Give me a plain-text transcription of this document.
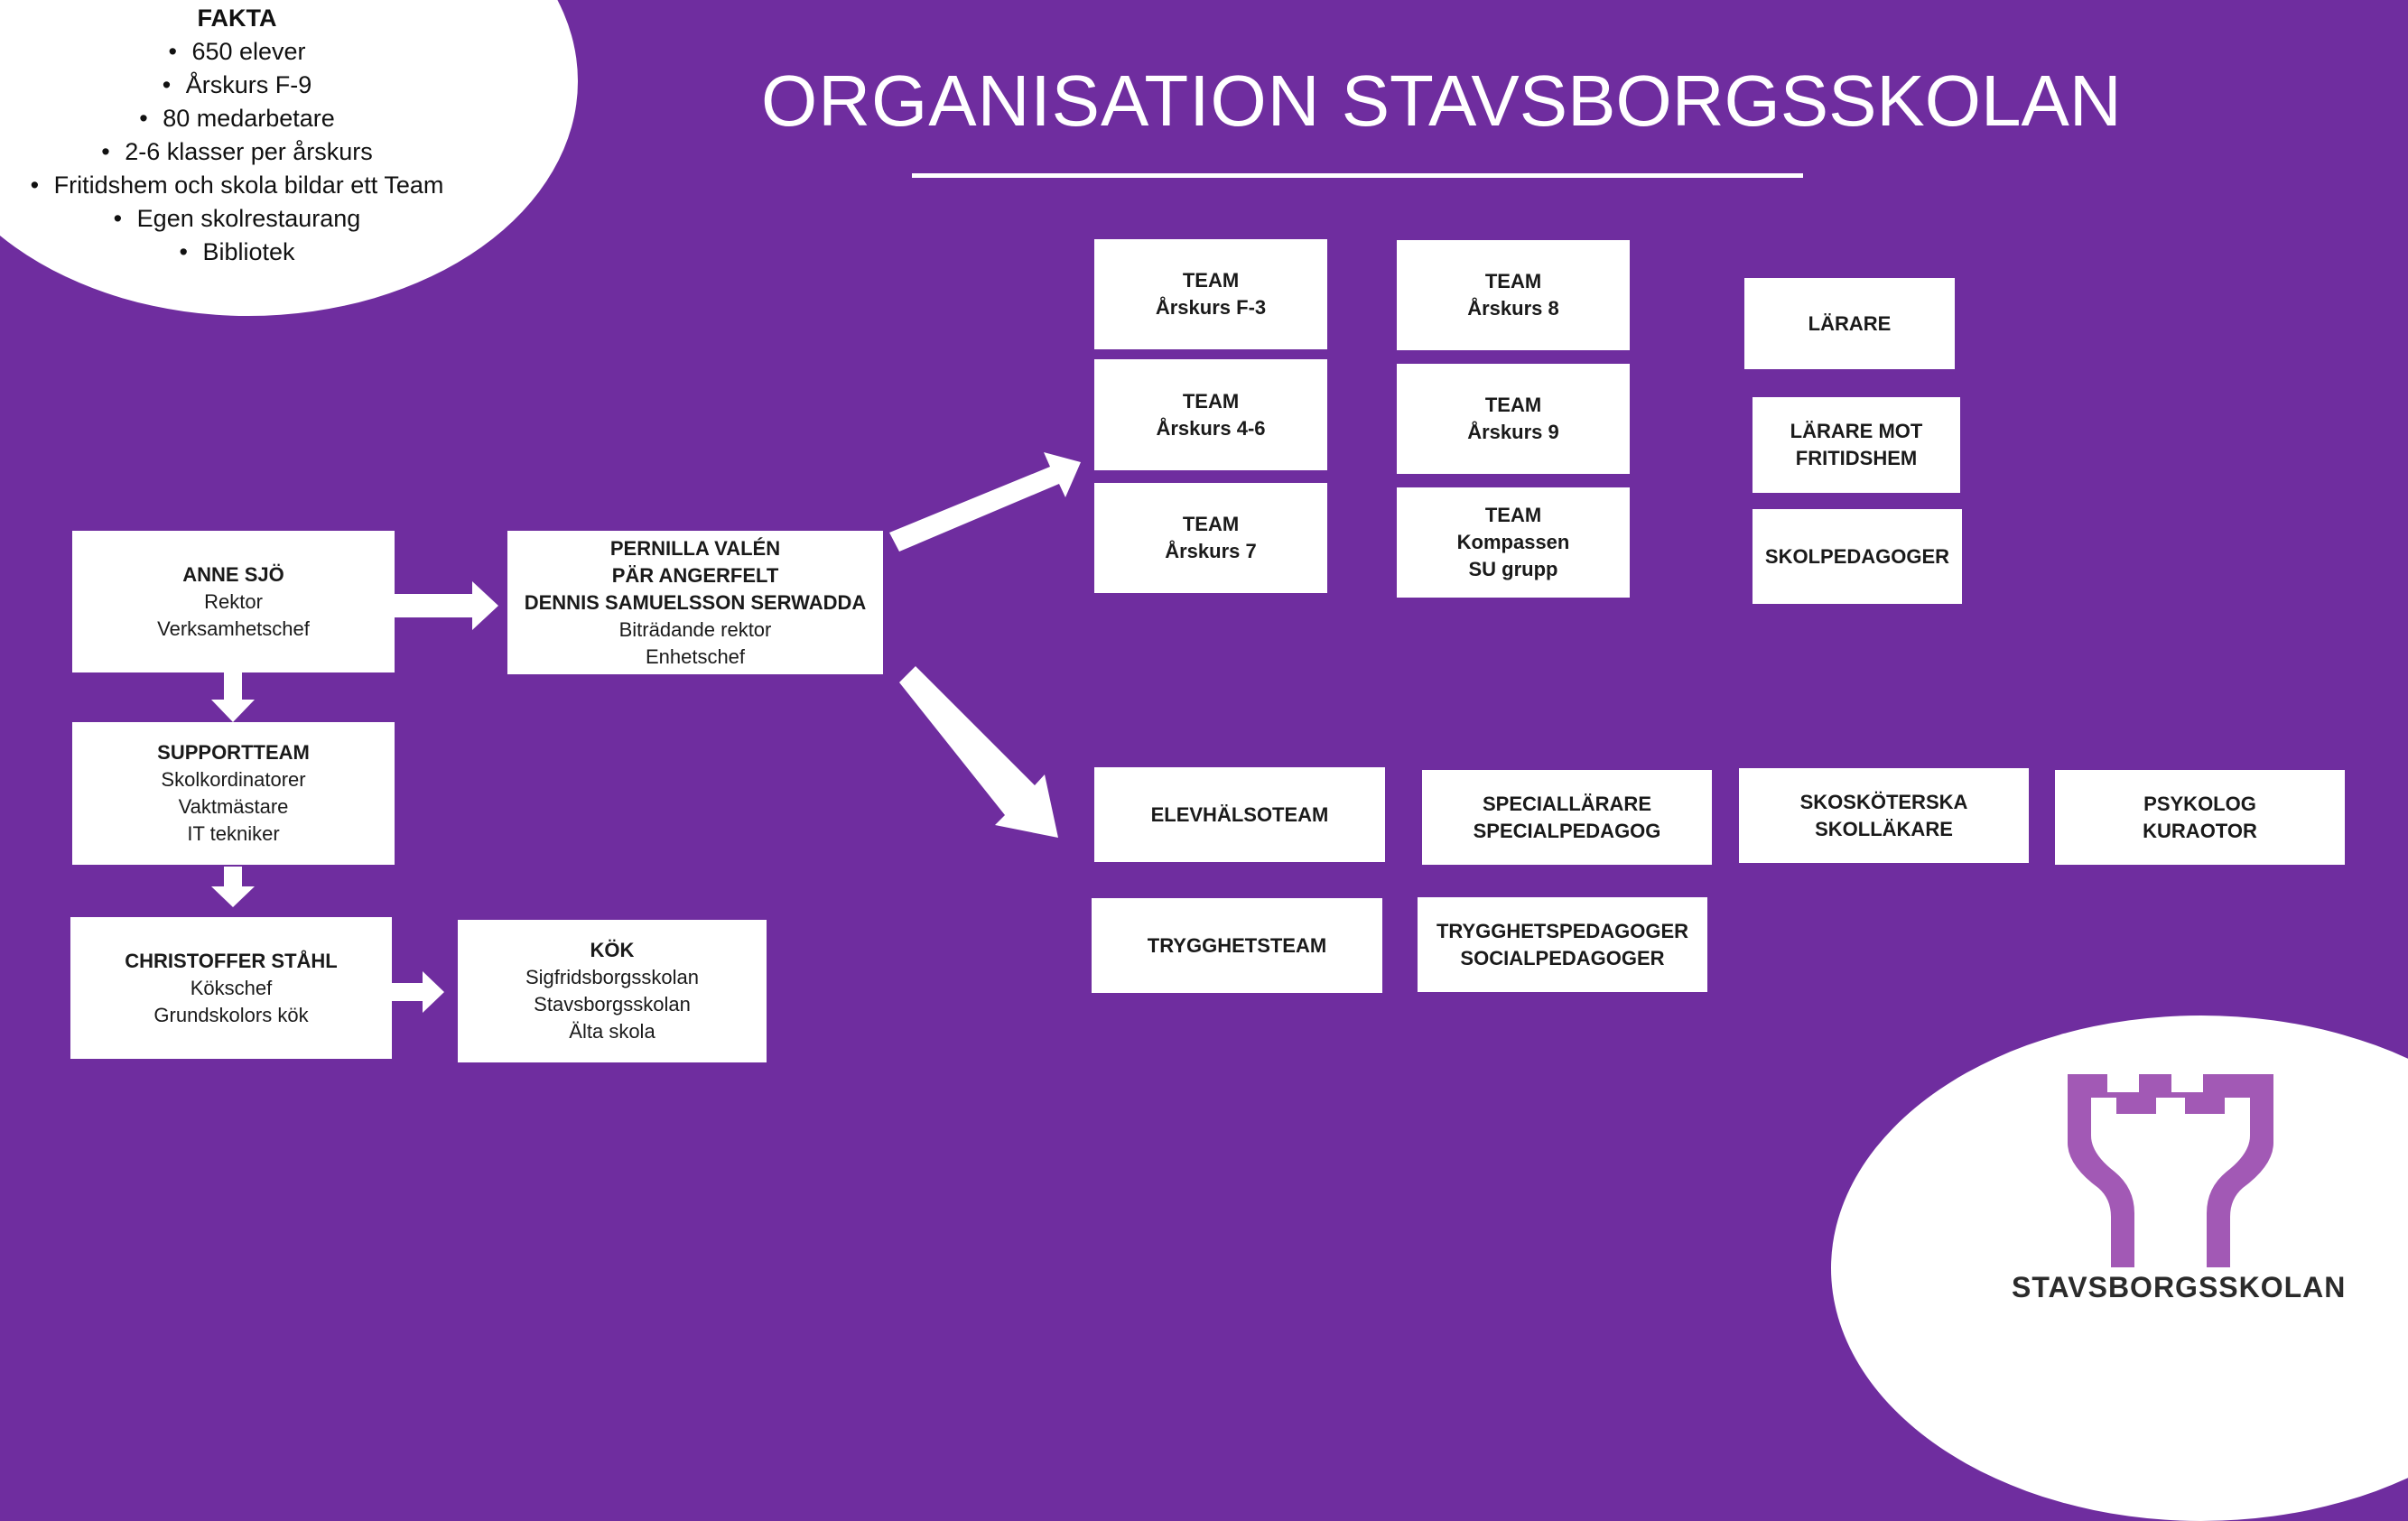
FAKTA
• 650 elever
• Årskurs F-9
• 80 medarbetare
• 2-6 klasser per årskurs
• Fritidshem och skola bildar ett Team
• Egen skolrestaurang
• Bibliotek
ORGANISATION STAVSBORGSSKOLAN
ANNE SJÖ
Rektor
Verksamhetschef
PERNILLA VALÉN
PÄR ANGERFELT
DENNIS SAMUELSSON SERWADDA
Biträdande rektor
Enhetschef
SUPPORTTEAM
Skolkordinatorer
Vaktmästare
IT tekniker
CHRISTOFFER STÅHL
Kökschef
Grundskolors kök
KÖK
Sigfridsborgsskolan
Stavsborgsskolan
Älta skola
TEAM
Årskurs F-3
TEAM
Årskurs 4-6
TEAM
Årskurs 7
TEAM
Årskurs 8
TEAM
Årskurs 9
TEAM
Kompassen
SU grupp
LÄRARE
LÄRARE MOT
FRITIDSHEM
SKOLPEDAGOGER
ELEVHÄLSOTEAM	SPECIALLÄRARE
SPECIALPEDAGOG
SKOSKÖTERSKA
SKOLLÄKARE
PSYKOLOG
KURAOTOR
TRYGGHETSTEAM
TRYGGHETSPEDAGOGER
SOCIALPEDAGOGER
STAVSBORGSSKOLAN
